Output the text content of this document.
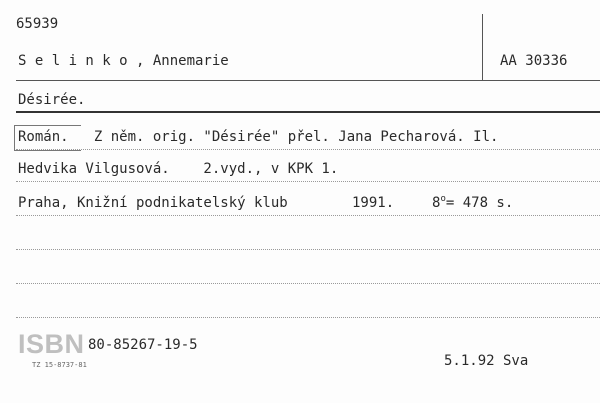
65939
S e l i n k o , Annemarie	AA 30336
Désirée.
Román.   Z něm. orig. "Désirée" přel. Jana Pecharová. Il.
Hedvika Vilgusová.    2.vyd., v KPK 1.
Praha, Knižní podnikatelský klub	1991.	$8^o= 478$ s.
ISBN 80-85267-19-5
TZ 15-8737-81	5.1.92 Sva
